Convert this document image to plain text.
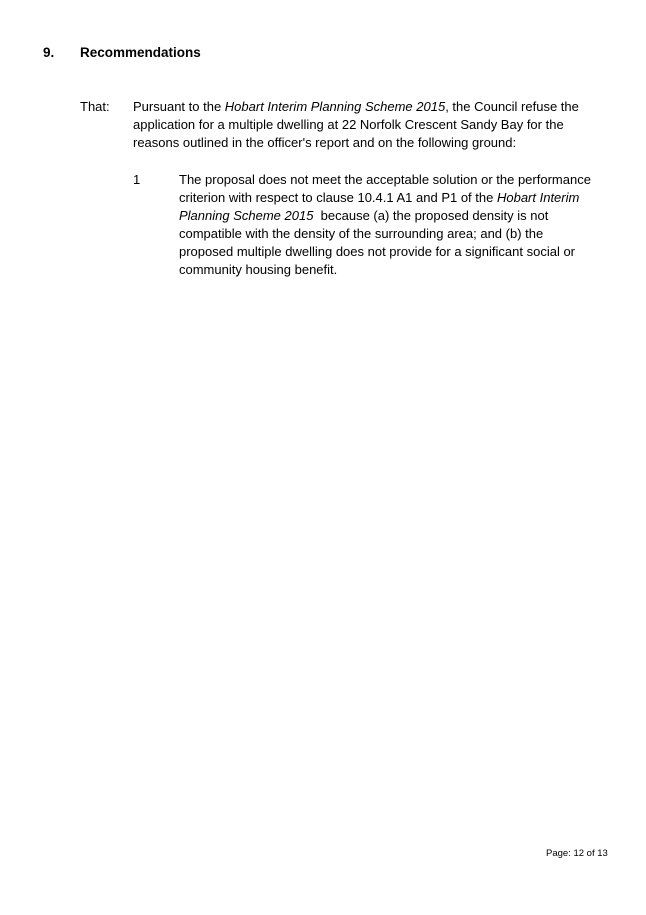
9. Recommendations
That: Pursuant to the Hobart Interim Planning Scheme 2015, the Council refuse the application for a multiple dwelling at 22 Norfolk Crescent Sandy Bay for the reasons outlined in the officer's report and on the following ground:
1	The proposal does not meet the acceptable solution or the performance criterion with respect to clause 10.4.1 A1 and P1 of the Hobart Interim Planning Scheme 2015  because (a) the proposed density is not compatible with the density of the surrounding area; and (b) the proposed multiple dwelling does not provide for a significant social or community housing benefit.
Page: 12 of 13
